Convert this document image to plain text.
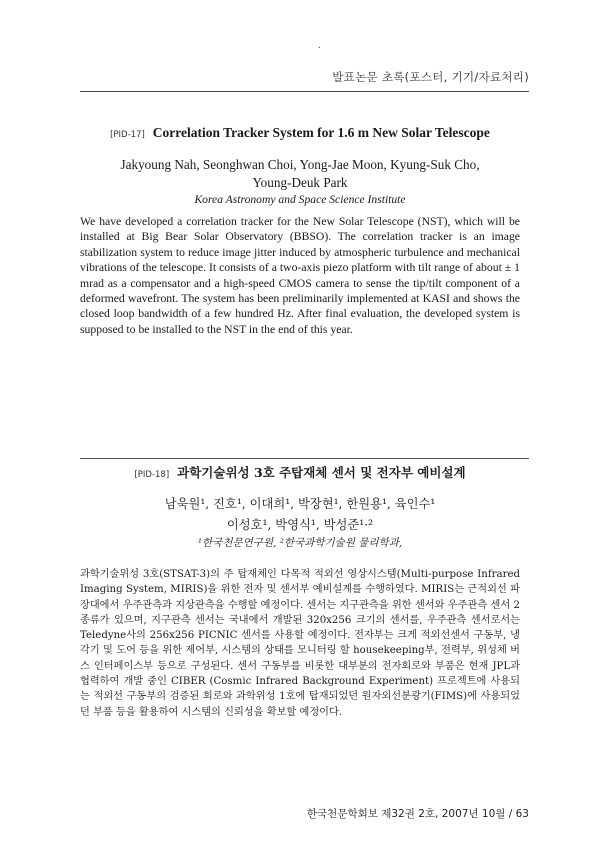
.
발표논문 초록(포스터, 기기/자료처리)
[PID-17] Correlation Tracker System for 1.6 m New Solar Telescope
Jakyoung Nah, Seonghwan Choi, Yong-Jae Moon, Kyung-Suk Cho,
Young-Deuk Park
Korea Astronomy and Space Science Institute

We have developed a correlation tracker for the New Solar Telescope (NST), which will be installed at Big Bear Solar Observatory (BBSO). The correlation tracker is an image stabilization system to reduce image jitter induced by atmospheric turbulence and mechanical vibrations of the telescope. It consists of a two-axis piezo platform with tilt range of about ± 1 mrad as a compensator and a high-speed CMOS camera to sense the tip/tilt component of a deformed wavefront. The system has been preliminarily implemented at KASI and shows the closed loop bandwidth of a few hundred Hz. After final evaluation, the developed system is supposed to be installed to the NST in the end of this year.

[PID-18] 과학기술위성 3호 주탑재체 센서 및 전자부 예비설계
남욱원¹, 진호¹, 이대희¹, 박장현¹, 한원용¹, 육인수¹
이성호¹, 박영식¹, 박성준¹·²
¹한국천문연구원, ²한국과학기술원 물리학과,

과학기술위성 3호(STSAT-3)의 주 탑재체인 다목적 적외선 영상시스템(Multi-purpose Infrared Imaging System, MIRIS)을 위한 전자 및 센서부 예비설계를 수행하였다. MIRIS는 근적외선 파장대에서 우주관측과 지상관측을 수행할 예정이다. 센서는 지구관측을 위한 센서와 우주관측 센서 2 종류가 있으며, 지구관측 센서는 국내에서 개발된 320x256 크기의 센서를, 우주관측 센서로서는 Teledyne사의 256x256 PICNIC 센서를 사용할 예정이다. 전자부는 크게 적외선센서 구동부, 냉각기 및 도어 등을 위한 제어부, 시스템의 상태를 모니터링 할 housekeeping부, 전력부, 위성체 버스 인터페이스부 등으로 구성된다. 센서 구동부를 비롯한 대부분의 전자회로와 부품은 현재 JPL과 협력하여 개발 중인 CIBER (Cosmic Infrared Background Experiment) 프로젝트에 사용되는 적외선 구동부의 검증된 회로와 과학위성 1호에 탑재되었던 원자외선분광기(FIMS)에 사용되었던 부품 등을 활용하여 시스템의 신뢰성을 확보할 예정이다.

한국천문학회보 제32권 2호, 2007년 10월 / 63
